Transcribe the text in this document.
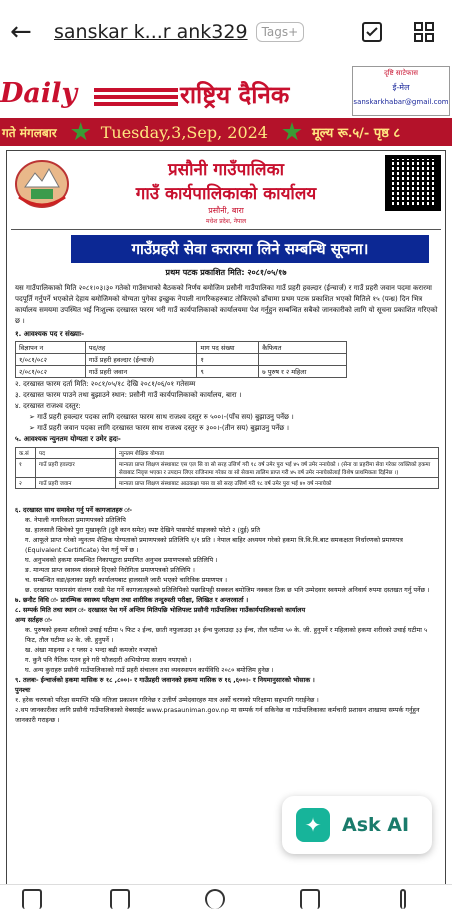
←	sanskar k...r ank329	Tags+
Daily	राष्ट्रिय दैनिक
दृष्टि साटेफास
ई-मेल
sanskarkhabar@gmail.com
गते मंगलबार	Tuesday,3,Sep, 2024	मूल्य रू.५/- पृष्ठ ८
प्रसौनी गाउँपालिका
गाउँ कार्यपालिकाको कार्यालय
प्रसौनी, बारा
मधेश प्रदेश, नेपाल
गाउँप्रहरी सेवा करारमा लिने सम्बन्धि सूचना।
प्रथम पटक प्रकाशित मिति: २०८१/०५/१७
यस गाउँपालिकाको मिति २०८१।०३।३० गतेको गाउँसभाको बैठकको निर्णय बमोजिम प्रसौनी गाउँपालिका गाउँ प्रहरी हवल्दार (ईन्चार्ज) र गाउँ प्रहरी जवान पदमा करारमा पदपूर्ति गर्नुपर्ने भएकोले देहाय बमोजिमको योग्यता पुगेका इच्छुक नेपाली नागरिकहरुबाट तोकिएको ढाँचामा प्रथम पटक प्रकाशित भएको मितिले १५ (पन्ध्र) दिन भित्र कार्यालय समयमा उपस्थित भई निःशुल्क दरखास्त फारम भरी गाउँ कार्यपालिकाको कार्यालयमा पेश गर्नुहुन सम्बन्धित सबैको जानकारीको लागि यो सूचना प्रकाशित गरिएको छ ।
१. आवश्यक पद र संख्याः-
विज्ञापन न	पद/तह	माग पद संख्या	कैफियत
१/०८१/०८२	गाउँ प्रहरी हवल्दार (ईन्चार्ज)	१	
२/०८१/०८२	गाउँ प्रहरी जवान	९	७ पुरुष र २ महिला
२. दरखास्त फारम दर्ता मिति: २०८१/०५/१८ देखि २०८१/०६/०१ गतेसम्म
३. दरखास्त फारम पाउने तथा बुझाउने स्थान: प्रसौनी गाउँ कार्यपालिकाको कार्यालय, बारा ।
४. दरखास्त राजश्व दस्तुर:
➢ गाउँ प्रहरी हवल्दार पदका लागि दरखास्त फारम साथ राजश्व दस्तुर रु ५००।-(पाँच सय) बुझाउनु पर्नेछ ।
➢ गाउँ प्रहरी जवान पदका लागि दरखास्त फारम साथ राजश्व दस्तुर रु ३००।-(तीन सय) बुझाउनु पर्नेछ ।
५. आवश्यक न्युनतम योग्यता र उमेर हदः-
क.सं	पद	न्युनतम शैक्षिक योग्यता
१	गाउँ प्रहरी हवल्दार	मान्यता प्राप्त शिक्षण संस्थाबाट एस एल सि वा सो सरह उत्तिर्ण गरी १८ वर्ष उमेर पुरा भई ४५ वर्ष उमेर ननाघेको । (सेना वा प्रहरीमा सेवा गरेका व्यक्तिको हकमा सेवाबाट निवृत्त भएका र उपदान लिएर राजिनामा गरेका वा सो सेवामा तालिम प्राप्त गरी ४५ वर्ष उमेर ननाघेकोलाई विशेष प्राथमिकता दिईनेछ ।)
२	गाउँ प्रहरी जवान	मान्यता प्राप्त शिक्षण संस्थाबाट आठकक्षा पास वा सो सरह उत्तिर्ण गरी १८ वर्ष उमेर पुरा भई ४० वर्ष ननाघेको
६. दरखास्त साथ समावेश गर्नु पर्ने कागजातहरु ः-
क. नेपाली नागरिकता प्रमाणपत्रको प्रतिलिपि
ख. हालसालै खिचेको पुरा मुखाकृति (दुवै कान समेत) स्पष्ट देखिने पासपोर्ट साइजको फोटो २ (दुई) प्रति
ग. आफूले प्राप्त गरेको न्युनतम शैक्षिक योग्यताको प्रमाणपत्रको प्रतिलिपि १/१ प्रति । नेपाल बाहिर अध्ययन गरेको हकमा त्रि.वि.वि.बाट समकक्षता निर्धारणको प्रमाणपत्र (Equivalent Certificate) पेश गर्नु पर्ने छ ।
घ. अनुभवको हकमा सम्बन्धित निकायद्वारा प्रमाणित अनुभव प्रमाणपत्रको प्रतिलिपि ।
ङ. मान्यता प्राप्त स्वास्थ्य संस्थाले दिएको निरोगिता प्रमाणपत्रको प्रतिलिपि ।
च. सम्बन्धित वडा/इलाका प्रहरी कार्यालयबाट हालसालै जारी भएको चारित्रिक प्रमाणपत्र ।
छ. दरखास्त फारमसंग संलग्न राखी पेश गर्ने कागजातहरुको प्रतिलिपिको पछाडिपट्टी सक्कल बमोजिम नक्कल ठिक छ भनि उम्मेदवार स्वयमले अनिवार्य रुपमा दस्तखत गर्नु पर्नेछ ।
७. छनौट विधि ः- प्रारम्भिक स्वास्थ्य परिक्षण तथा शारीरिक तन्दुरुस्ती परीक्षा, लिखित र अन्तरवार्ता ।
८. सम्पर्क मिति तथा स्थान ः- दरखास्त पेश गर्ने अन्तिम मितिपछि भोलिपल्ट प्रसौनी गाउँपालिका गाउँकार्यपालिकाको कार्यालय
अन्य सर्तहरु ः-
क. पुरुषको हकमा शरीरको उचाई घटीमा ५ फिट २ ईन्च, छाती नफुलाउदा ३१ ईन्च फुलाउदा ३३ ईन्च, तौल घटीमा ५० के. जी. हुनुपर्ने र महिलाको हकमा शरीरको उचाई घटीमा ५ फिट, तौल घटीमा ४२ के. जी. हुनुपर्ने ।
ख. अंखा माइनस २ र प्लस २ भन्दा बढी कमजोर नभएको
ग. कुनै पनि नैतिक पतन हुने गरी फौजदारी अभियोगमा सजाय नपाएको ।
घ. अन्य कुराहरु प्रसौनी गाउँपालिकाको गाउँ प्रहरी संचालन तथा व्यवस्थापन कार्यविधि २०८० बमोजिम हुनेछ ।
९. तलबः- ईन्चार्जको हकमा मासिक रु १८ ,८००।- र गाउँप्रहरी जवानको हकमा मासिक रु १६ ,६००।- र नियमानुसारको भोसाक ।
पुनश्चः
१. हरेक चरणको परिक्षा समाप्ति पछि नतिजा प्रकाशन गरिनेछ र उत्तीर्ण उम्मेदवारहरु मात्र अर्को चरणको परिक्षामा सहभागि गराईनेछ ।
२.थप जानकारीका लागि प्रसौनी गाउँपालिकाको वेबसाईट www.prasauniman.gov.np मा सम्पर्क गर्न सकिनेछ वा गाउँपालिकाका कर्मचारी प्रशासन शाखामा सम्पर्क गर्नुहुन जानकारी गराइन्छ ।
✦	Ask AI
